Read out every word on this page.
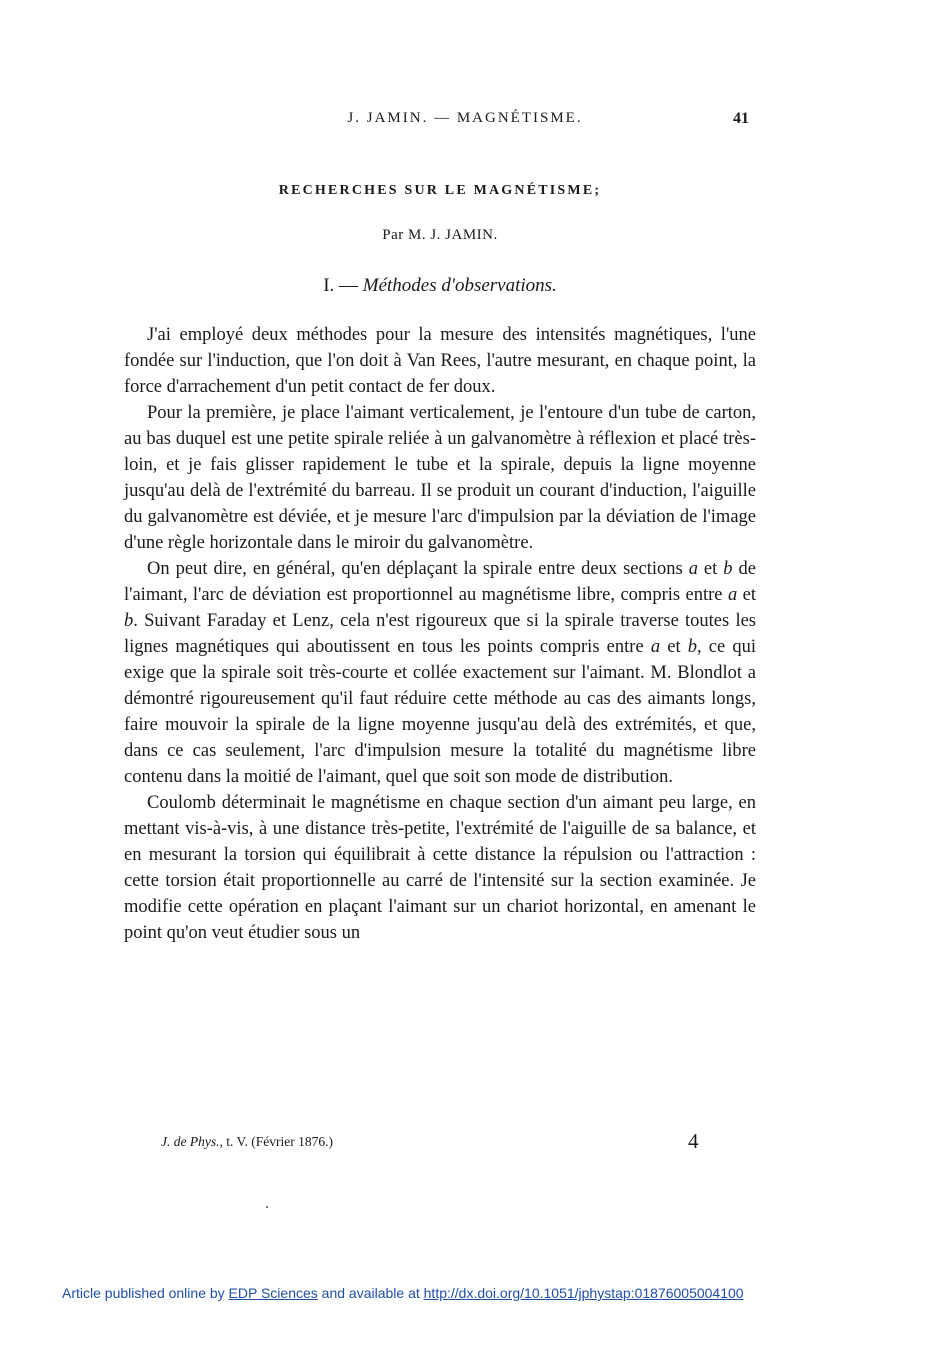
J. JAMIN. — MAGNÉTISME.	41
RECHERCHES SUR LE MAGNÉTISME;
Par M. J. JAMIN.
I. — Méthodes d'observations.

J'ai employé deux méthodes pour la mesure des intensités magnétiques, l'une fondée sur l'induction, que l'on doit à Van Rees, l'autre mesurant, en chaque point, la force d'arrachement d'un petit contact de fer doux.

Pour la première, je place l'aimant verticalement, je l'entoure d'un tube de carton, au bas duquel est une petite spirale reliée à un galvanomètre à réflexion et placé très-loin, et je fais glisser rapidement le tube et la spirale, depuis la ligne moyenne jusqu'au delà de l'extrémité du barreau. Il se produit un courant d'induction, l'aiguille du galvanomètre est déviée, et je mesure l'arc d'impulsion par la déviation de l'image d'une règle horizontale dans le miroir du galvanomètre.

On peut dire, en général, qu'en déplaçant la spirale entre deux sections a et b de l'aimant, l'arc de déviation est proportionnel au magnétisme libre, compris entre a et b. Suivant Faraday et Lenz, cela n'est rigoureux que si la spirale traverse toutes les lignes magnétiques qui aboutissent en tous les points compris entre a et b, ce qui exige que la spirale soit très-courte et collée exactement sur l'aimant. M. Blondlot a démontré rigoureusement qu'il faut réduire cette méthode au cas des aimants longs, faire mouvoir la spirale de la ligne moyenne jusqu'au delà des extrémités, et que, dans ce cas seulement, l'arc d'impulsion mesure la totalité du magnétisme libre contenu dans la moitié de l'aimant, quel que soit son mode de distribution.

Coulomb déterminait le magnétisme en chaque section d'un aimant peu large, en mettant vis-à-vis, à une distance très-petite, l'extrémité de l'aiguille de sa balance, et en mesurant la torsion qui équilibrait à cette distance la répulsion ou l'attraction : cette torsion était proportionnelle au carré de l'intensité sur la section examinée. Je modifie cette opération en plaçant l'aimant sur un chariot horizontal, en amenant le point qu'on veut étudier sous un

J. de Phys., t. V. (Février 1876.)	4
Article published online by EDP Sciences and available at http://dx.doi.org/10.1051/jphystap:01876005004100
